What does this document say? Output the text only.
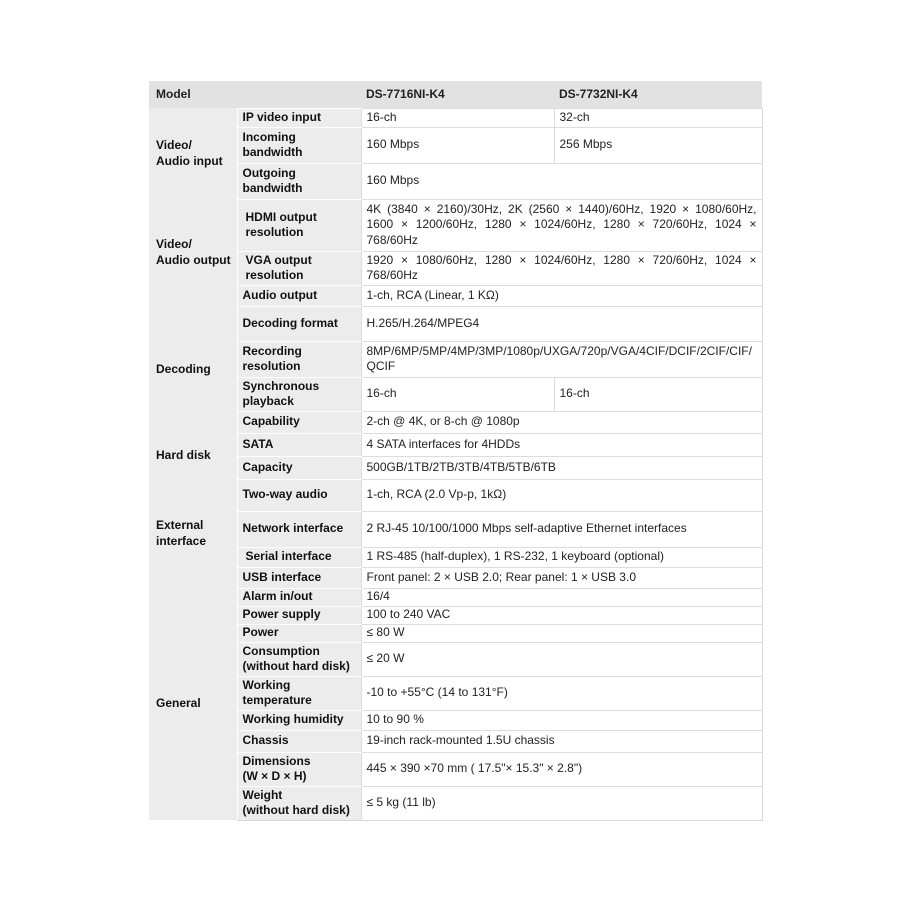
Model		DS-7716NI-K4	DS-7732NI-K4
Video/
Audio input	IP video input	16-ch	32-ch
	Incoming
bandwidth	160 Mbps	256 Mbps
	Outgoing
bandwidth	160 Mbps	
Video/
Audio output	HDMI output
resolution	4K (3840 × 2160)/30Hz, 2K (2560 × 1440)/60Hz, 1920 × 1080/60Hz, 1600 × 1200/60Hz, 1280 × 1024/60Hz, 1280 × 720/60Hz, 1024 × 768/60Hz	
	VGA output
resolution	1920 × 1080/60Hz, 1280 × 1024/60Hz, 1280 × 720/60Hz, 1024 × 768/60Hz	
	Audio output	1-ch, RCA (Linear, 1 KΩ)	
Decoding	Decoding format	H.265/H.264/MPEG4	
	Recording
resolution	8MP/6MP/5MP/4MP/3MP/1080p/UXGA/720p/VGA/4CIF/DCIF/2CIF/CIF/QCIF	
	Synchronous
playback	16-ch	16-ch
	Capability	2-ch @ 4K, or 8-ch @ 1080p	
Hard disk	SATA	4 SATA interfaces for 4HDDs	
	Capacity	500GB/1TB/2TB/3TB/4TB/5TB/6TB	
External
interface	Two-way audio	1-ch, RCA (2.0 Vp-p, 1kΩ)	
	Network interface	2 RJ-45 10/100/1000 Mbps self-adaptive Ethernet interfaces	
	Serial interface	1 RS-485 (half-duplex), 1 RS-232, 1 keyboard (optional)	
	USB interface	Front panel: 2 × USB 2.0; Rear panel: 1 × USB 3.0	
General	Alarm in/out	16/4	
	Power supply	100 to 240 VAC	
	Power	≤ 80 W	
	Consumption
(without hard disk)	≤ 20 W	
	Working
temperature	-10 to +55°C (14 to 131°F)	
	Working humidity	10 to 90 %	
	Chassis	19-inch rack-mounted 1.5U chassis	
	Dimensions
(W × D × H)	445 × 390 ×70 mm ( 17.5"× 15.3" × 2.8")	
	Weight
(without hard disk)	≤ 5 kg (11 lb)	
